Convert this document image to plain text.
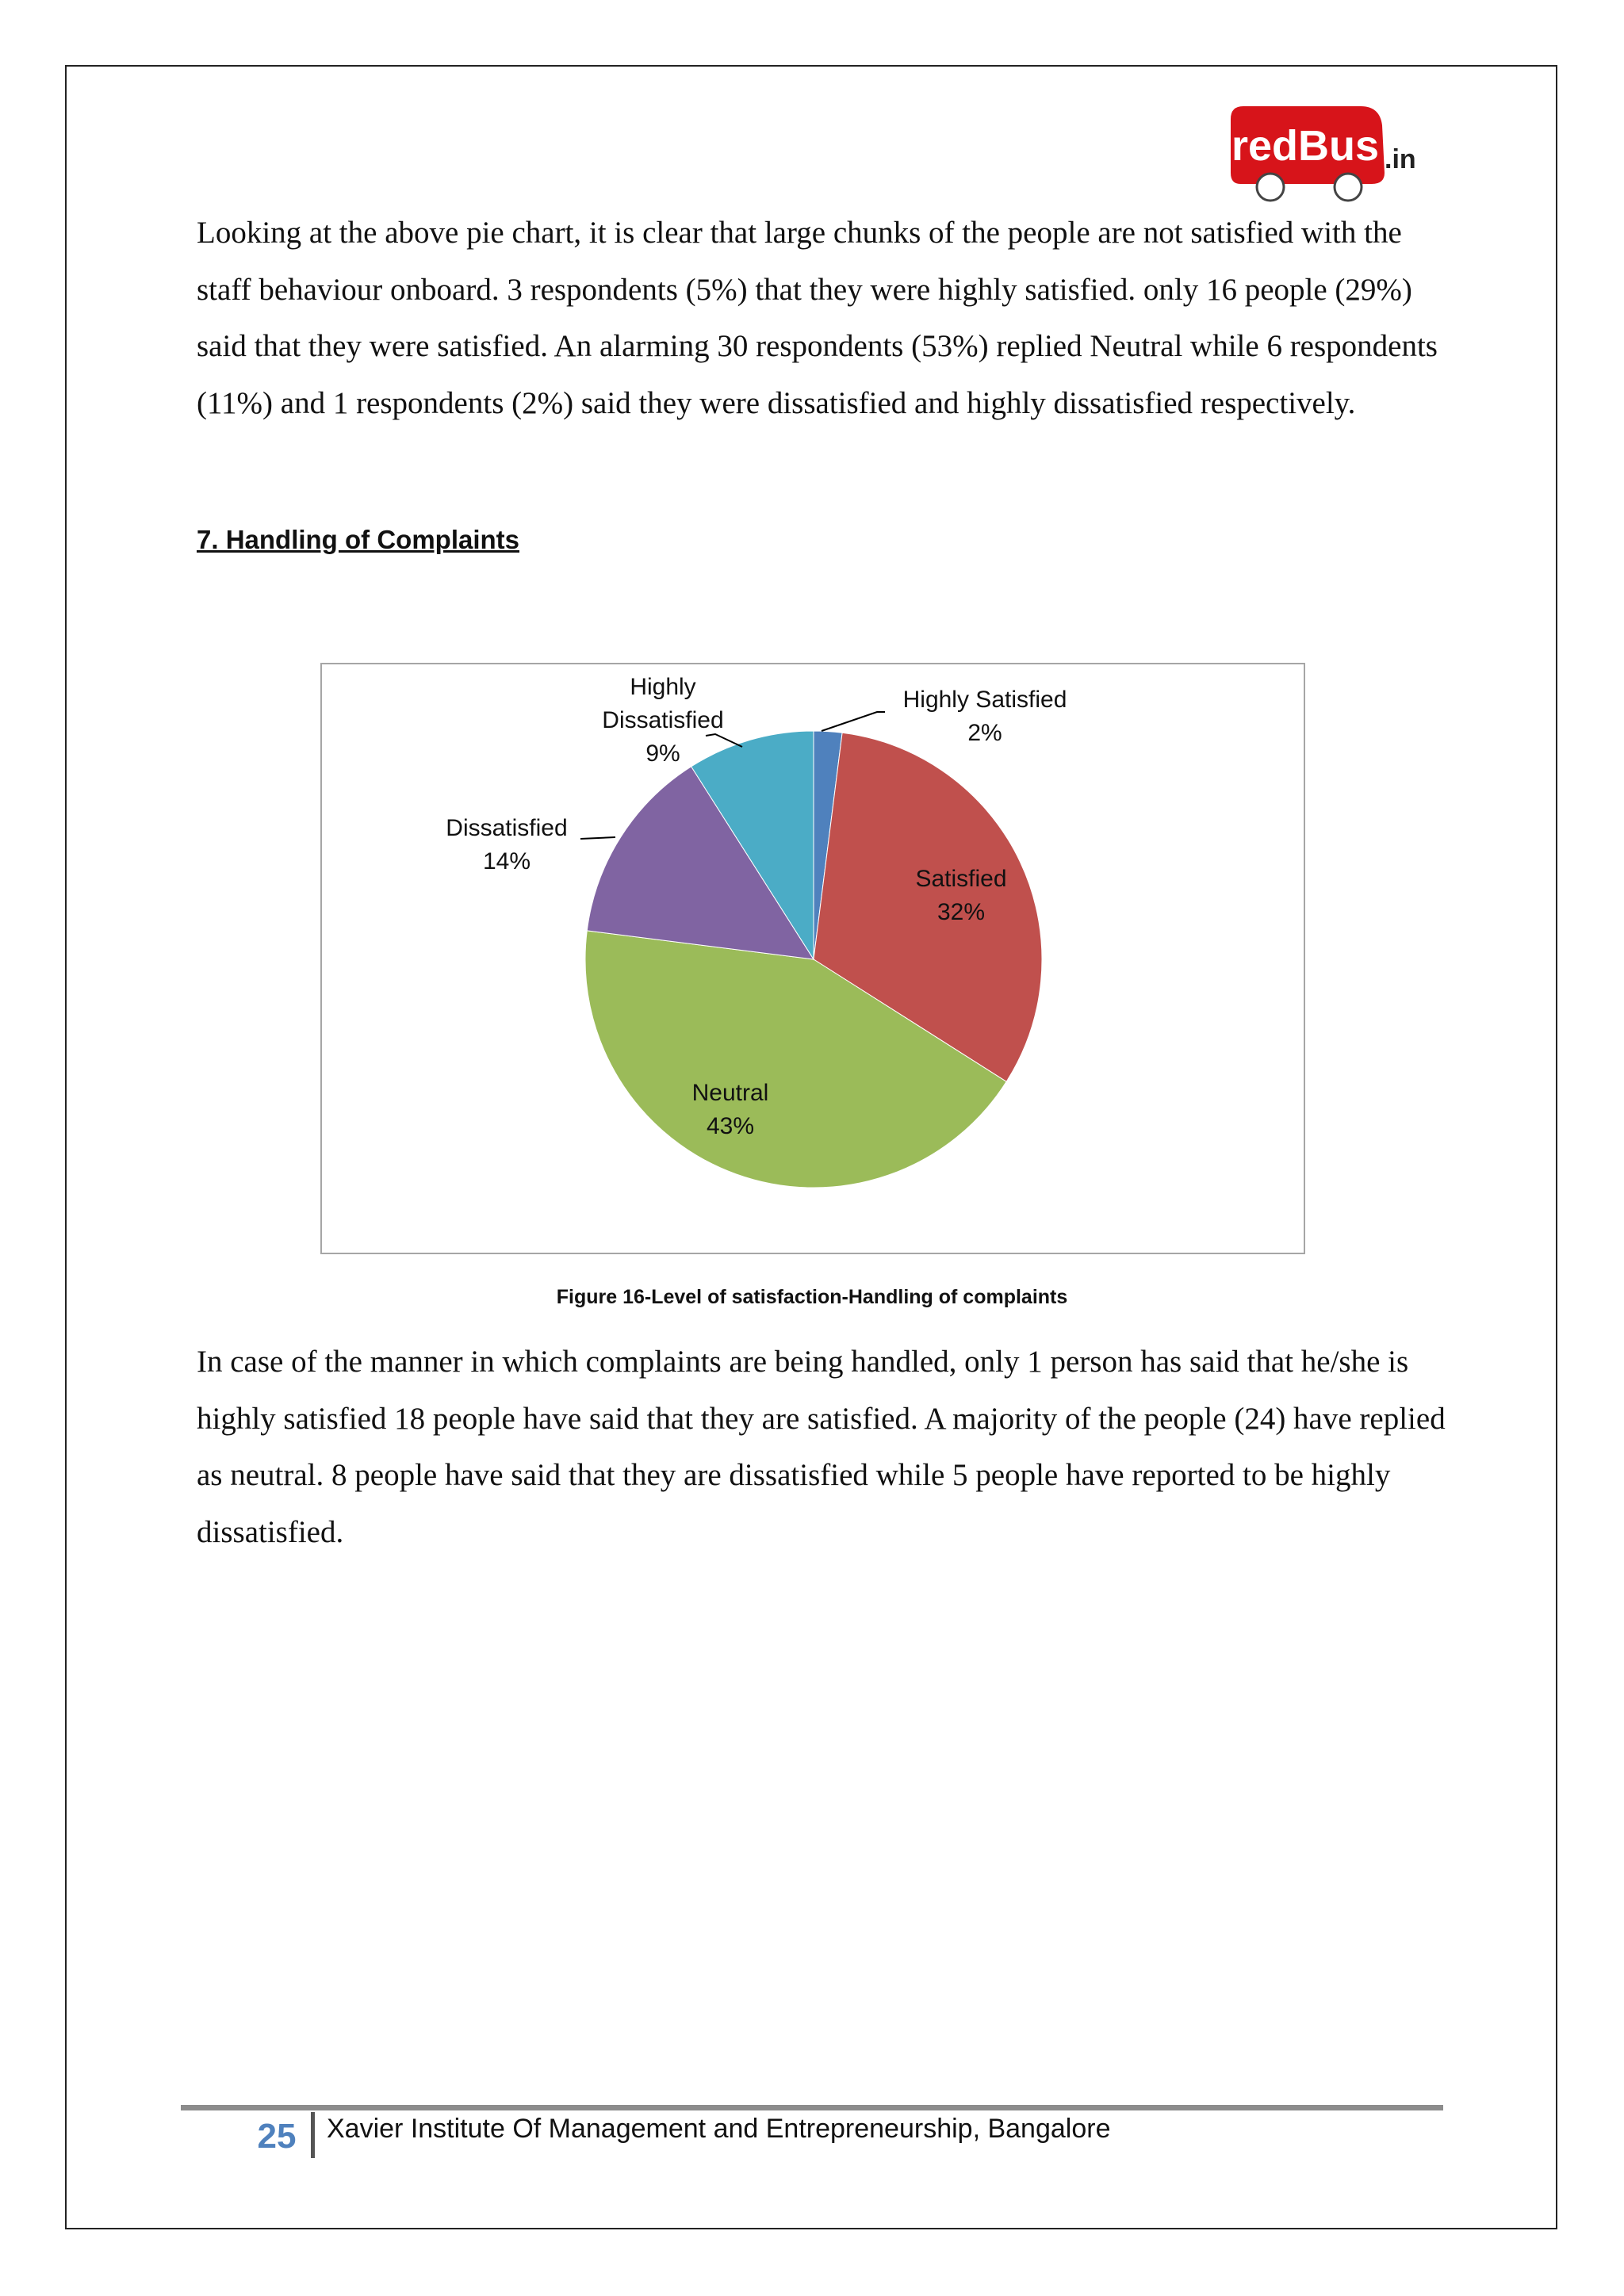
redBus .in

Looking at the above pie chart, it is clear that large chunks of the people are not satisfied with the staff behaviour onboard. 3 respondents (5%) that they were highly satisfied. only 16 people (29%) said that they were satisfied. An alarming 30 respondents (53%) replied Neutral while 6 respondents (11%) and 1 respondents (2%) said they were dissatisfied and highly dissatisfied respectively.

7. Handling of Complaints
Highly Satisfied
2%
Satisfied
32%
Neutral
43%
Dissatisfied
14%
Highly
Dissatisfied
9%

Figure 16-Level of satisfaction-Handling of complaints

In case of the manner in which complaints are being handled, only 1 person has said that he/she is highly satisfied 18 people have said that they are satisfied. A majority of the people (24) have replied as neutral. 8 people have said that they are dissatisfied while 5 people have reported to be highly dissatisfied.

25 Xavier Institute Of Management and Entrepreneurship, Bangalore
